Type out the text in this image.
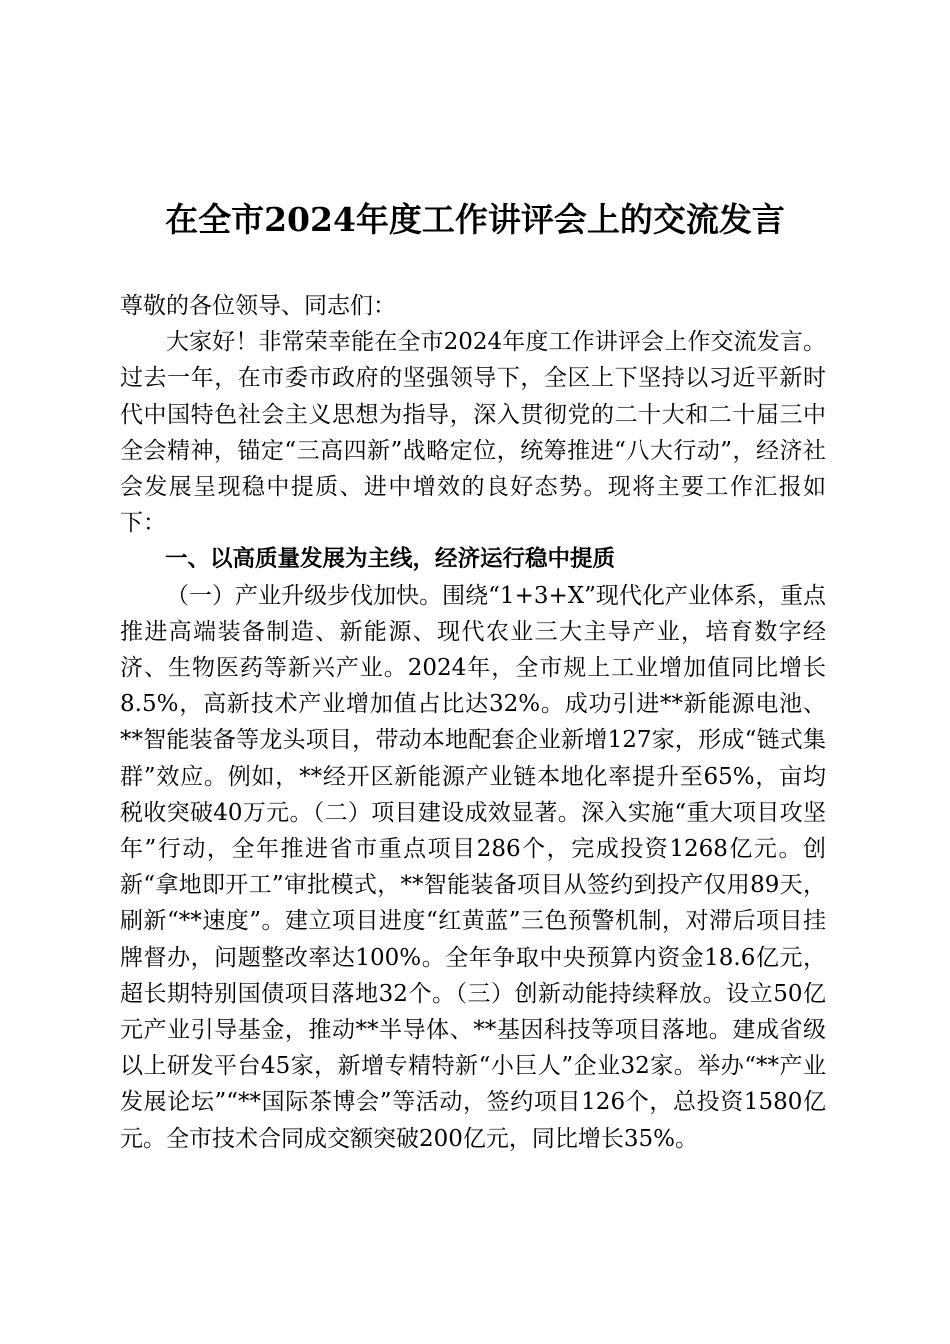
在全市2024年度工作讲评会上的交流发言

尊敬的各位领导、同志们：

大家好！非常荣幸能在全市2024年度工作讲评会上作交流发言。过去一年，在市委市政府的坚强领导下，全区上下坚持以习近平新时代中国特色社会主义思想为指导，深入贯彻党的二十大和二十届三中全会精神，锚定“三高四新”战略定位，统筹推进“八大行动”，经济社会发展呈现稳中提质、进中增效的良好态势。现将主要工作汇报如下：

一、以高质量发展为主线，经济运行稳中提质

（一）产业升级步伐加快。围绕“1+3+X”现代化产业体系，重点推进高端装备制造、新能源、现代农业三大主导产业，培育数字经济、生物医药等新兴产业。2024年，全市规上工业增加值同比增长8.5%，高新技术产业增加值占比达32%。成功引进**新能源电池、**智能装备等龙头项目，带动本地配套企业新增127家，形成“链式集群”效应。例如，**经开区新能源产业链本地化率提升至65%，亩均税收突破40万元。（二）项目建设成效显著。深入实施“重大项目攻坚年”行动，全年推进省市重点项目286个，完成投资1268亿元。创新“拿地即开工”审批模式，**智能装备项目从签约到投产仅用89天，刷新“**速度”。建立项目进度“红黄蓝”三色预警机制，对滞后项目挂牌督办，问题整改率达100%。全年争取中央预算内资金18.6亿元，超长期特别国债项目落地32个。（三）创新动能持续释放。设立50亿元产业引导基金，推动**半导体、**基因科技等项目落地。建成省级以上研发平台45家，新增专精特新“小巨人”企业32家。举办“**产业发展论坛”“**国际茶博会”等活动，签约项目126个，总投资1580亿元。全市技术合同成交额突破200亿元，同比增长35%。
